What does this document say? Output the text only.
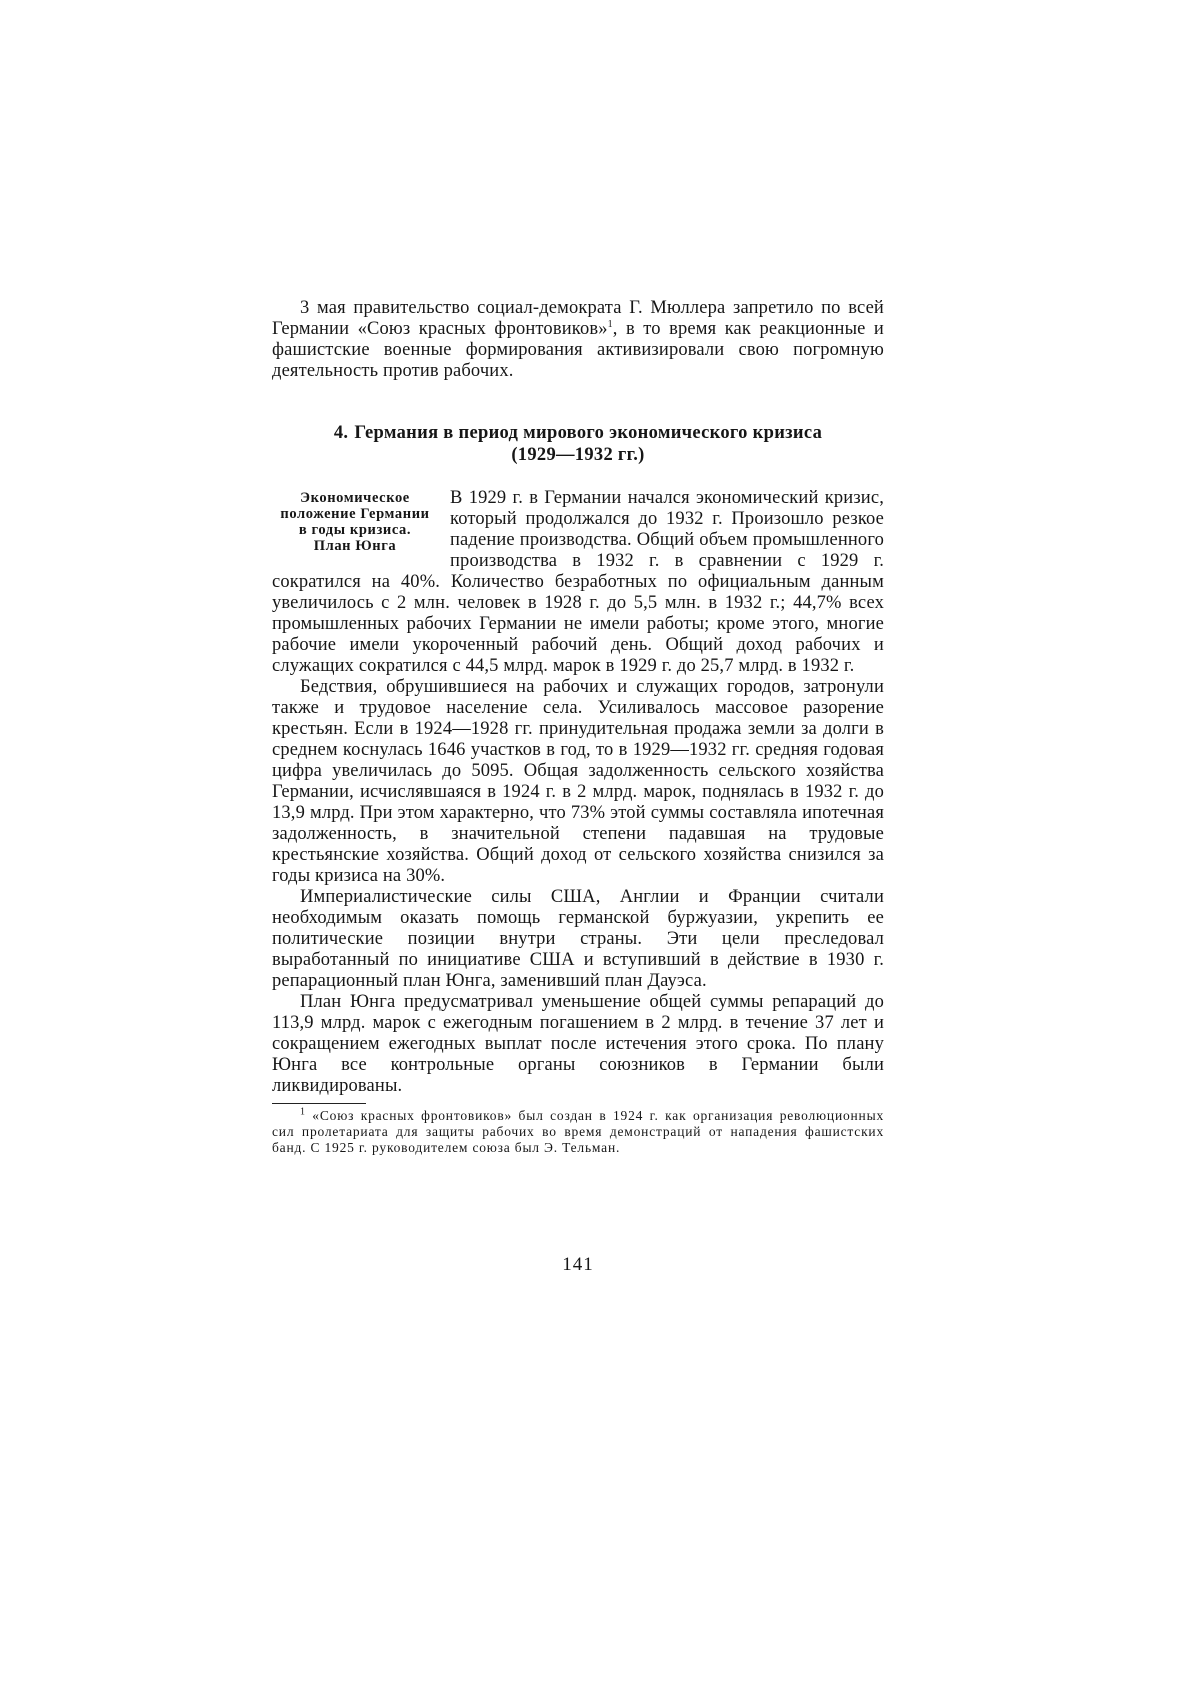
3 мая правительство социал-демократа Г. Мюллера запретило по всей Германии «Союз красных фронтовиков»$^1$, в то время как реакционные и фашистские военные формирования активизировали свою погромную деятельность против рабочих.

4. Германия в период мирового экономического кризиса
(1929—1932 гг.)
Экономическое
положение Германии
в годы кризиса.
План Юнга

В 1929 г. в Германии начался экономический кризис, который продолжался до 1932 г. Произошло резкое падение производства. Общий объем промышленного производства в 1932 г. в сравнении с 1929 г. сократился на 40%. Количество безработных по официальным данным увеличилось с 2 млн. человек в 1928 г. до 5,5 млн. в 1932 г.; 44,7% всех промышленных рабочих Германии не имели работы; кроме этого, многие рабочие имели укороченный рабочий день. Общий доход рабочих и служащих сократился с 44,5 млрд. марок в 1929 г. до 25,7 млрд. в 1932 г.

Бедствия, обрушившиеся на рабочих и служащих городов, затронули также и трудовое население села. Усиливалось массовое разорение крестьян. Если в 1924—1928 гг. принудительная продажа земли за долги в среднем коснулась 1646 участков в год, то в 1929—1932 гг. средняя годовая цифра увеличилась до 5095. Общая задолженность сельского хозяйства Германии, исчислявшаяся в 1924 г. в 2 млрд. марок, поднялась в 1932 г. до 13,9 млрд. При этом характерно, что 73% этой суммы составляла ипотечная задолженность, в значительной степени падавшая на трудовые крестьянские хозяйства. Общий доход от сельского хозяйства снизился за годы кризиса на 30%.

Империалистические силы США, Англии и Франции считали необходимым оказать помощь германской буржуазии, укрепить ее политические позиции внутри страны. Эти цели преследовал выработанный по инициативе США и вступивший в действие в 1930 г. репарационный план Юнга, заменивший план Дауэса.

План Юнга предусматривал уменьшение общей суммы репараций до 113,9 млрд. марок с ежегодным погашением в 2 млрд. в течение 37 лет и сокращением ежегодных выплат после истечения этого срока. По плану Юнга все контрольные органы союзников в Германии были ликвидированы.

$^1$ «Союз красных фронтовиков» был создан в 1924 г. как организация революционных сил пролетариата для защиты рабочих во время демонстраций от нападения фашистских банд. С 1925 г. руководителем союза был Э. Тельман.

141
